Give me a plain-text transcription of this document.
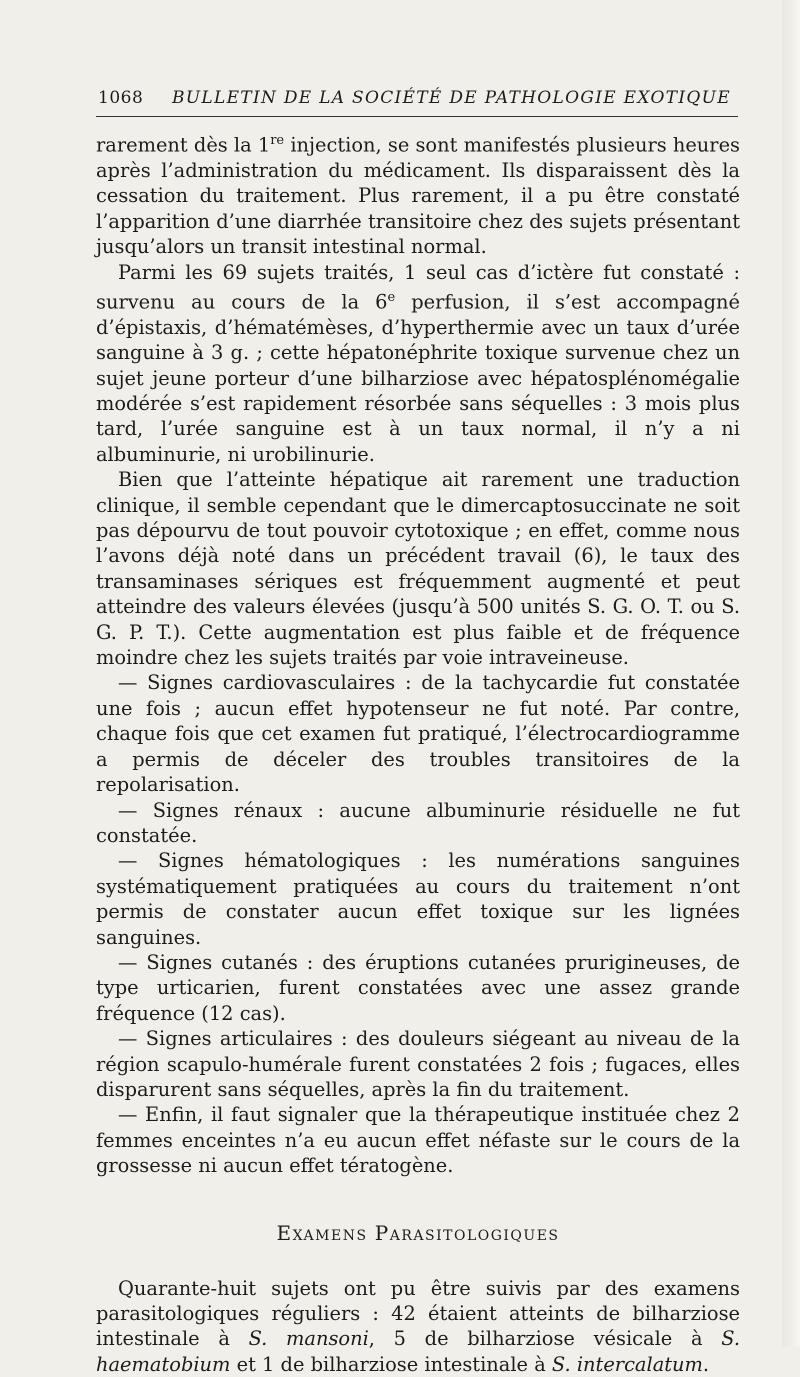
1068 BULLETIN DE LA SOCIÉTÉ DE PATHOLOGIE EXOTIQUE

rarement dès la 1re injection, se sont manifestés plusieurs heures après l’administration du médicament. Ils disparaissent dès la cessation du traitement. Plus rarement, il a pu être constaté l’apparition d’une diarrhée transitoire chez des sujets présentant jusqu’alors un transit intestinal normal.

Parmi les 69 sujets traités, 1 seul cas d’ictère fut constaté : survenu au cours de la 6e perfusion, il s’est accompagné d’épistaxis, d’hématémèses, d’hyperthermie avec un taux d’urée sanguine à 3 g. ; cette hépatonéphrite toxique survenue chez un sujet jeune porteur d’une bilharziose avec hépatosplénomégalie modérée s’est rapidement résorbée sans séquelles : 3 mois plus tard, l’urée sanguine est à un taux normal, il n’y a ni albuminurie, ni urobilinurie.

Bien que l’atteinte hépatique ait rarement une traduction clinique, il semble cependant que le dimercaptosuccinate ne soit pas dépourvu de tout pouvoir cytotoxique ; en effet, comme nous l’avons déjà noté dans un précédent travail (6), le taux des transaminases sériques est fréquemment augmenté et peut atteindre des valeurs élevées (jusqu’à 500 unités S. G. O. T. ou S. G. P. T.). Cette augmentation est plus faible et de fréquence moindre chez les sujets traités par voie intraveineuse.

— Signes cardiovasculaires : de la tachycardie fut constatée une fois ; aucun effet hypotenseur ne fut noté. Par contre, chaque fois que cet examen fut pratiqué, l’électrocardiogramme a permis de déceler des troubles transitoires de la repolarisation.

— Signes rénaux : aucune albuminurie résiduelle ne fut constatée.

— Signes hématologiques : les numérations sanguines systématiquement pratiquées au cours du traitement n’ont permis de constater aucun effet toxique sur les lignées sanguines.

— Signes cutanés : des éruptions cutanées prurigineuses, de type urticarien, furent constatées avec une assez grande fréquence (12 cas).

— Signes articulaires : des douleurs siégeant au niveau de la région scapulo-humérale furent constatées 2 fois ; fugaces, elles disparurent sans séquelles, après la fin du traitement.

— Enfin, il faut signaler que la thérapeutique instituée chez 2 femmes enceintes n’a eu aucun effet néfaste sur le cours de la grossesse ni aucun effet tératogène.

EXAMENS PARASITOLOGIQUES

Quarante-huit sujets ont pu être suivis par des examens parasitologiques réguliers : 42 étaient atteints de bilharziose intestinale à S. mansoni, 5 de bilharziose vésicale à S. haematobium et 1 de bilharziose intestinale à S. intercalatum.
